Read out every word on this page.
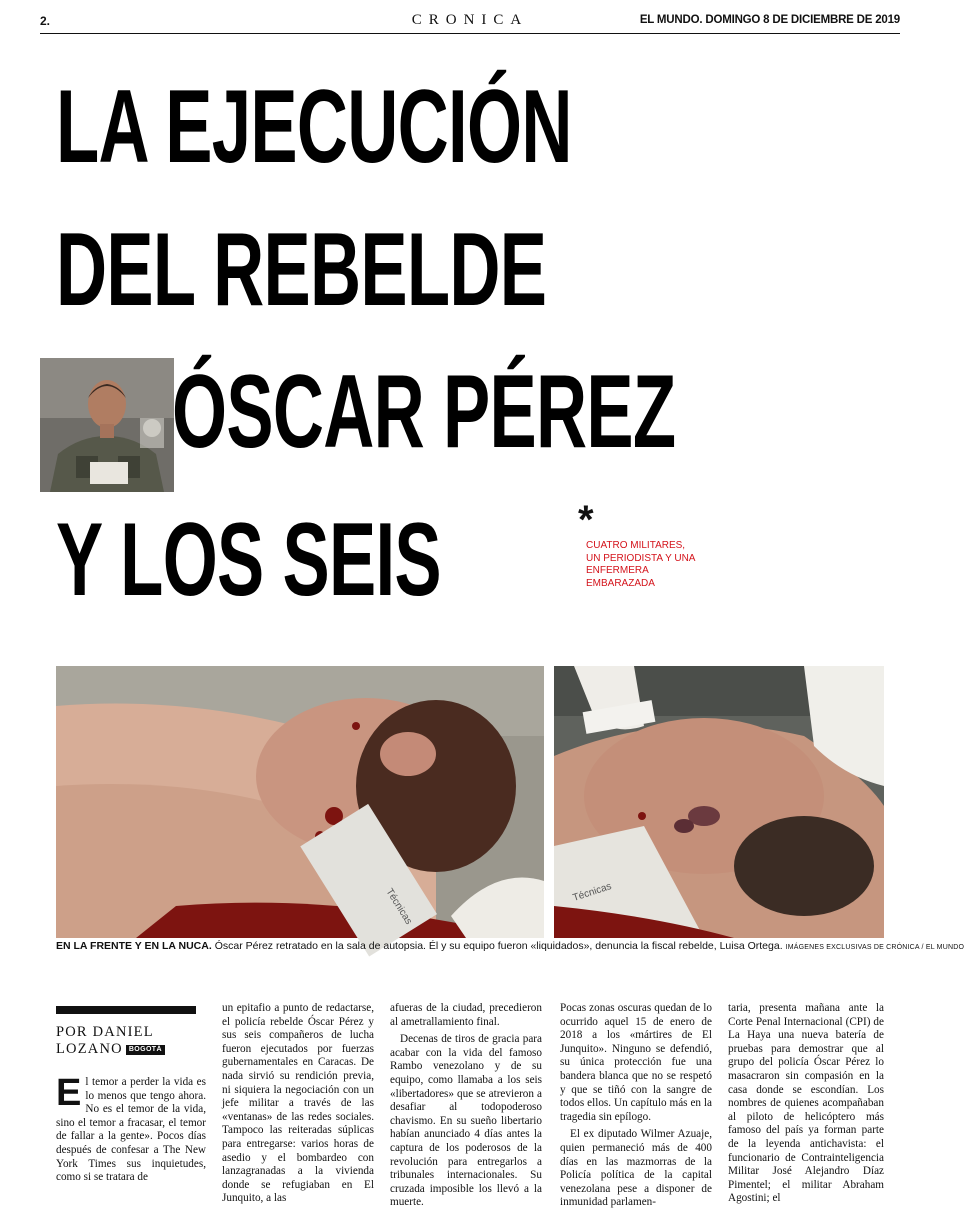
2.	CRONICA	EL MUNDO. DOMINGO 8 DE DICIEMBRE DE 2019
LA EJECUCIÓN
DEL REBELDE
ÓSCAR PÉREZ
Y LOS SEIS	*
CUATRO MILITARES, UN PERIODISTA Y UNA ENFERMERA EMBARAZADA
Técnicas	Técnicas
EN LA FRENTE Y EN LA NUCA. Óscar Pérez retratado en la sala de autopsia. Él y su equipo fueron «liquidados», denuncia la fiscal rebelde, Luisa Ortega. IMÁGENES EXCLUSIVAS DE CRÓNICA / EL MUNDO
POR DANIEL
LOZANO BOGOTÁ
E l temor a perder la vida es lo menos que tengo ahora. No es el temor de la vida, sino el temor a fracasar, el temor de fallar a la gente». Pocos días después de confesar a The New York Times sus inquietudes, como si se tratara de

un epitafio a punto de redactarse, el policía rebelde Óscar Pérez y sus seis compañeros de lucha fueron ejecutados por fuerzas gubernamentales en Caracas. De nada sirvió su rendición previa, ni siquiera la negociación con un jefe militar a través de las «ventanas» de las redes sociales. Tampoco las reiteradas súplicas para entregarse: varios horas de asedio y el bombardeo con lanzagranadas a la vivienda donde se refugiaban en El Junquito, a las

afueras de la ciudad, precedieron al ametrallamiento final.

Decenas de tiros de gracia para acabar con la vida del famoso Rambo venezolano y de su equipo, como llamaba a los seis «libertadores» que se atrevieron a desafiar al todopoderoso chavismo. En su sueño libertario habían anunciado 4 días antes la captura de los poderosos de la revolución para entregarlos a tribunales internacionales. Su cruzada imposible los llevó a la muerte.

Pocas zonas oscuras quedan de lo ocurrido aquel 15 de enero de 2018 a los «mártires de El Junquito». Ninguno se defendió, su única protección fue una bandera blanca que no se respetó y que se tiñó con la sangre de todos ellos. Un capítulo más en la tragedia sin epílogo.

El ex diputado Wilmer Azuaje, quien permaneció más de 400 días en las mazmorras de la Policía política de la capital venezolana pese a disponer de inmunidad parlamen-

taria, presenta mañana ante la Corte Penal Internacional (CPI) de La Haya una nueva batería de pruebas para demostrar que al grupo del policía Óscar Pérez lo masacraron sin compasión en la casa donde se escondían. Los nombres de quienes acompañaban al piloto de helicóptero más famoso del país ya forman parte de la leyenda antichavista: el funcionario de Contrainteligencia Militar José Alejandro Díaz Pimentel; el militar Abraham Agostini; el
